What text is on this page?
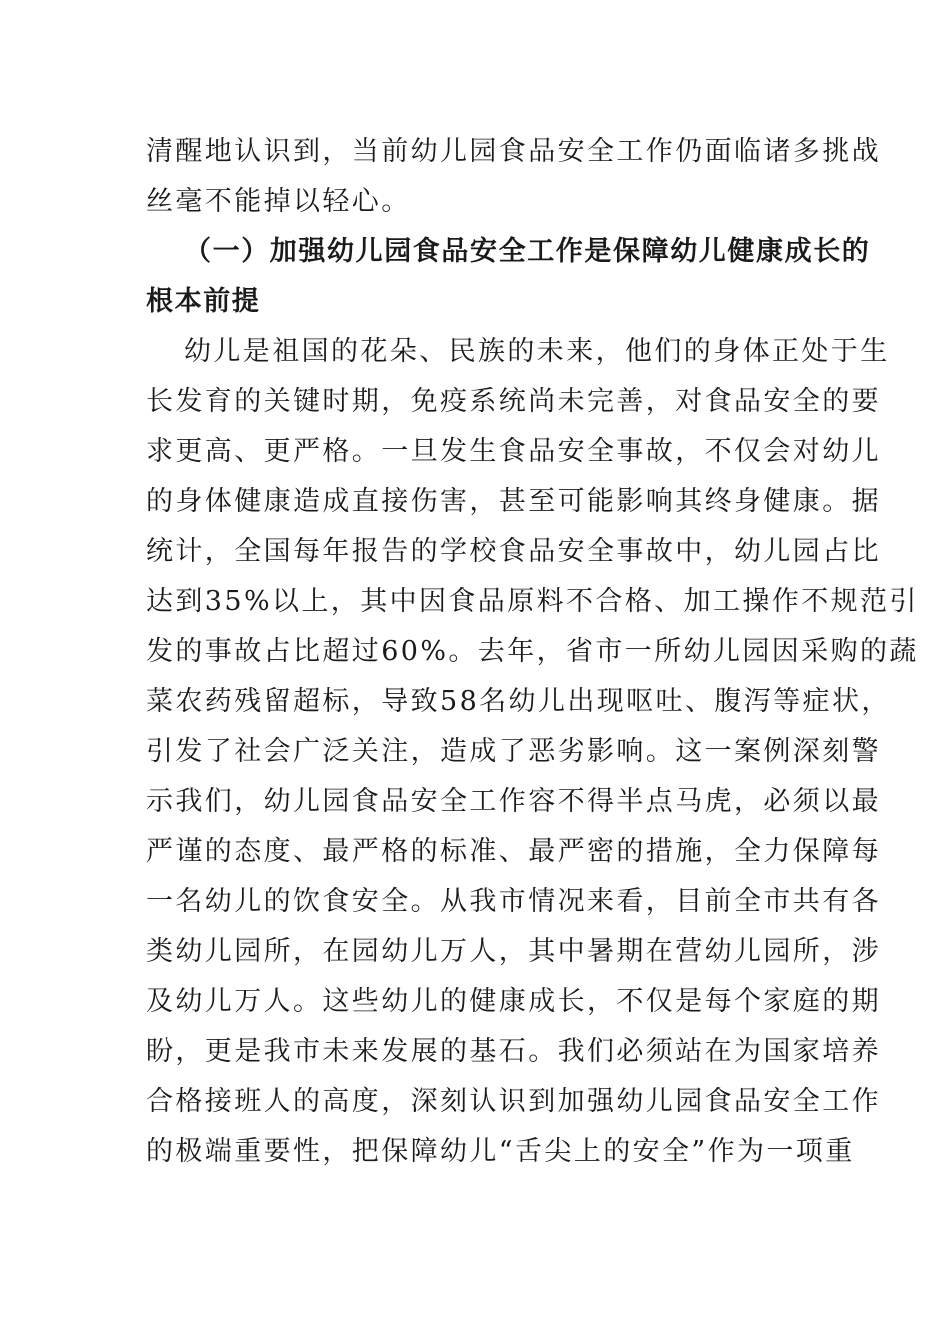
清醒地认识到，当前幼儿园食品安全工作仍面临诸多挑战
丝毫不能掉以轻心。
（一）加强幼儿园食品安全工作是保障幼儿健康成长的
根本前提
幼儿是祖国的花朵、民族的未来，他们的身体正处于生
长发育的关键时期，免疫系统尚未完善，对食品安全的要
求更高、更严格。一旦发生食品安全事故，不仅会对幼儿
的身体健康造成直接伤害，甚至可能影响其终身健康。据
统计，全国每年报告的学校食品安全事故中，幼儿园占比
达到35%以上，其中因食品原料不合格、加工操作不规范引
发的事故占比超过60%。去年，省市一所幼儿园因采购的蔬
菜农药残留超标，导致58名幼儿出现呕吐、腹泻等症状，
引发了社会广泛关注，造成了恶劣影响。这一案例深刻警
示我们，幼儿园食品安全工作容不得半点马虎，必须以最
严谨的态度、最严格的标准、最严密的措施，全力保障每
一名幼儿的饮食安全。从我市情况来看，目前全市共有各
类幼儿园所，在园幼儿万人，其中暑期在营幼儿园所，涉
及幼儿万人。这些幼儿的健康成长，不仅是每个家庭的期
盼，更是我市未来发展的基石。我们必须站在为国家培养
合格接班人的高度，深刻认识到加强幼儿园食品安全工作
的极端重要性，把保障幼儿“舌尖上的安全”作为一项重
